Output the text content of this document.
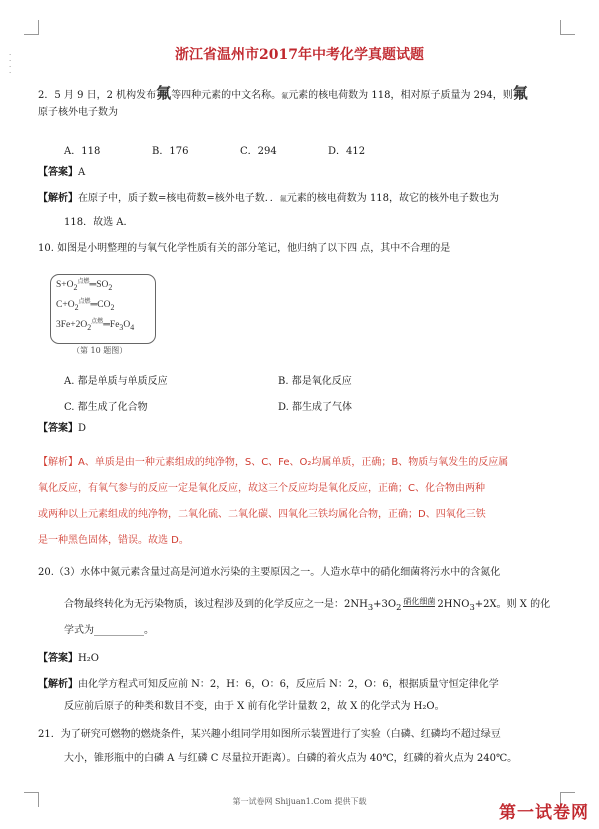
·
·
·
·
浙江省温州市2017年中考化学真题试题
2．5 月 9 日，2 机构发布氟等四种元素的中文名称。氟元素的核电荷数为 118，相对原子质量为 294，则氟
原子核外电子数为
A．118	B．176	C．294	D．412
【答案】A
【解析】在原子中，质子数=核电荷数=核外电子数．．氟元素的核电荷数为 118，故它的核外电子数也为
118．故选 A．
10. 如图是小明整理的与氧气化学性质有关的部分笔记，他归纳了以下四 点，其中不合理的是
$S+O_2^{点燃}═SO_2$
$C+O_2^{点燃}═CO_2$
$3Fe+2O_2^{点燃}═Fe_3O_4$
（第 10 题图）
A. 都是单质与单质反应	B. 都是氧化反应
C. 都生成了化合物	D. 都生成了气体
【答案】D
【解析】A、单质是由一种元素组成的纯净物，S、C、Fe、O₂均属单质，正确；B、物质与氧发生的反应属
氧化反应，有氧气参与的反应一定是氧化反应，故这三个反应均是氧化反应，正确；C、化合物由两种
或两种以上元素组成的纯净物，二氧化硫、二氧化碳、四氧化三铁均属化合物，正确；D、四氧化三铁
是一种黑色固体，错误。故选 D。
20.（3）水体中氮元素含量过高是河道水污染的主要原因之一。人造水草中的硝化细菌将污水中的含氮化
合物最终转化为无污染物质，该过程涉及到的化学反应之一是：$2NH_3+3O_2$
硝化细菌 $2HNO_3+2X$。则 X 的化
学式为__________。
【答案】H₂O
【解析】由化学方程式可知反应前 N：2，H：6，O：6，反应后 N：2，O：6，根据质量守恒定律化学
反应前后原子的种类和数目不变，由于 X 前有化学计量数 2，故 X 的化学式为 H₂O。
21．为了研究可燃物的燃烧条件，某兴趣小组同学用如图所示装置进行了实验（白磷、红磷均不超过绿豆
大小，锥形瓶中的白磷 A 与红磷 C 尽量拉开距离）。白磷的着火点为 40℃，红磷的着火点为 240℃。
第一试卷网 Shijuan1.Com 提供下载
第一试卷网
